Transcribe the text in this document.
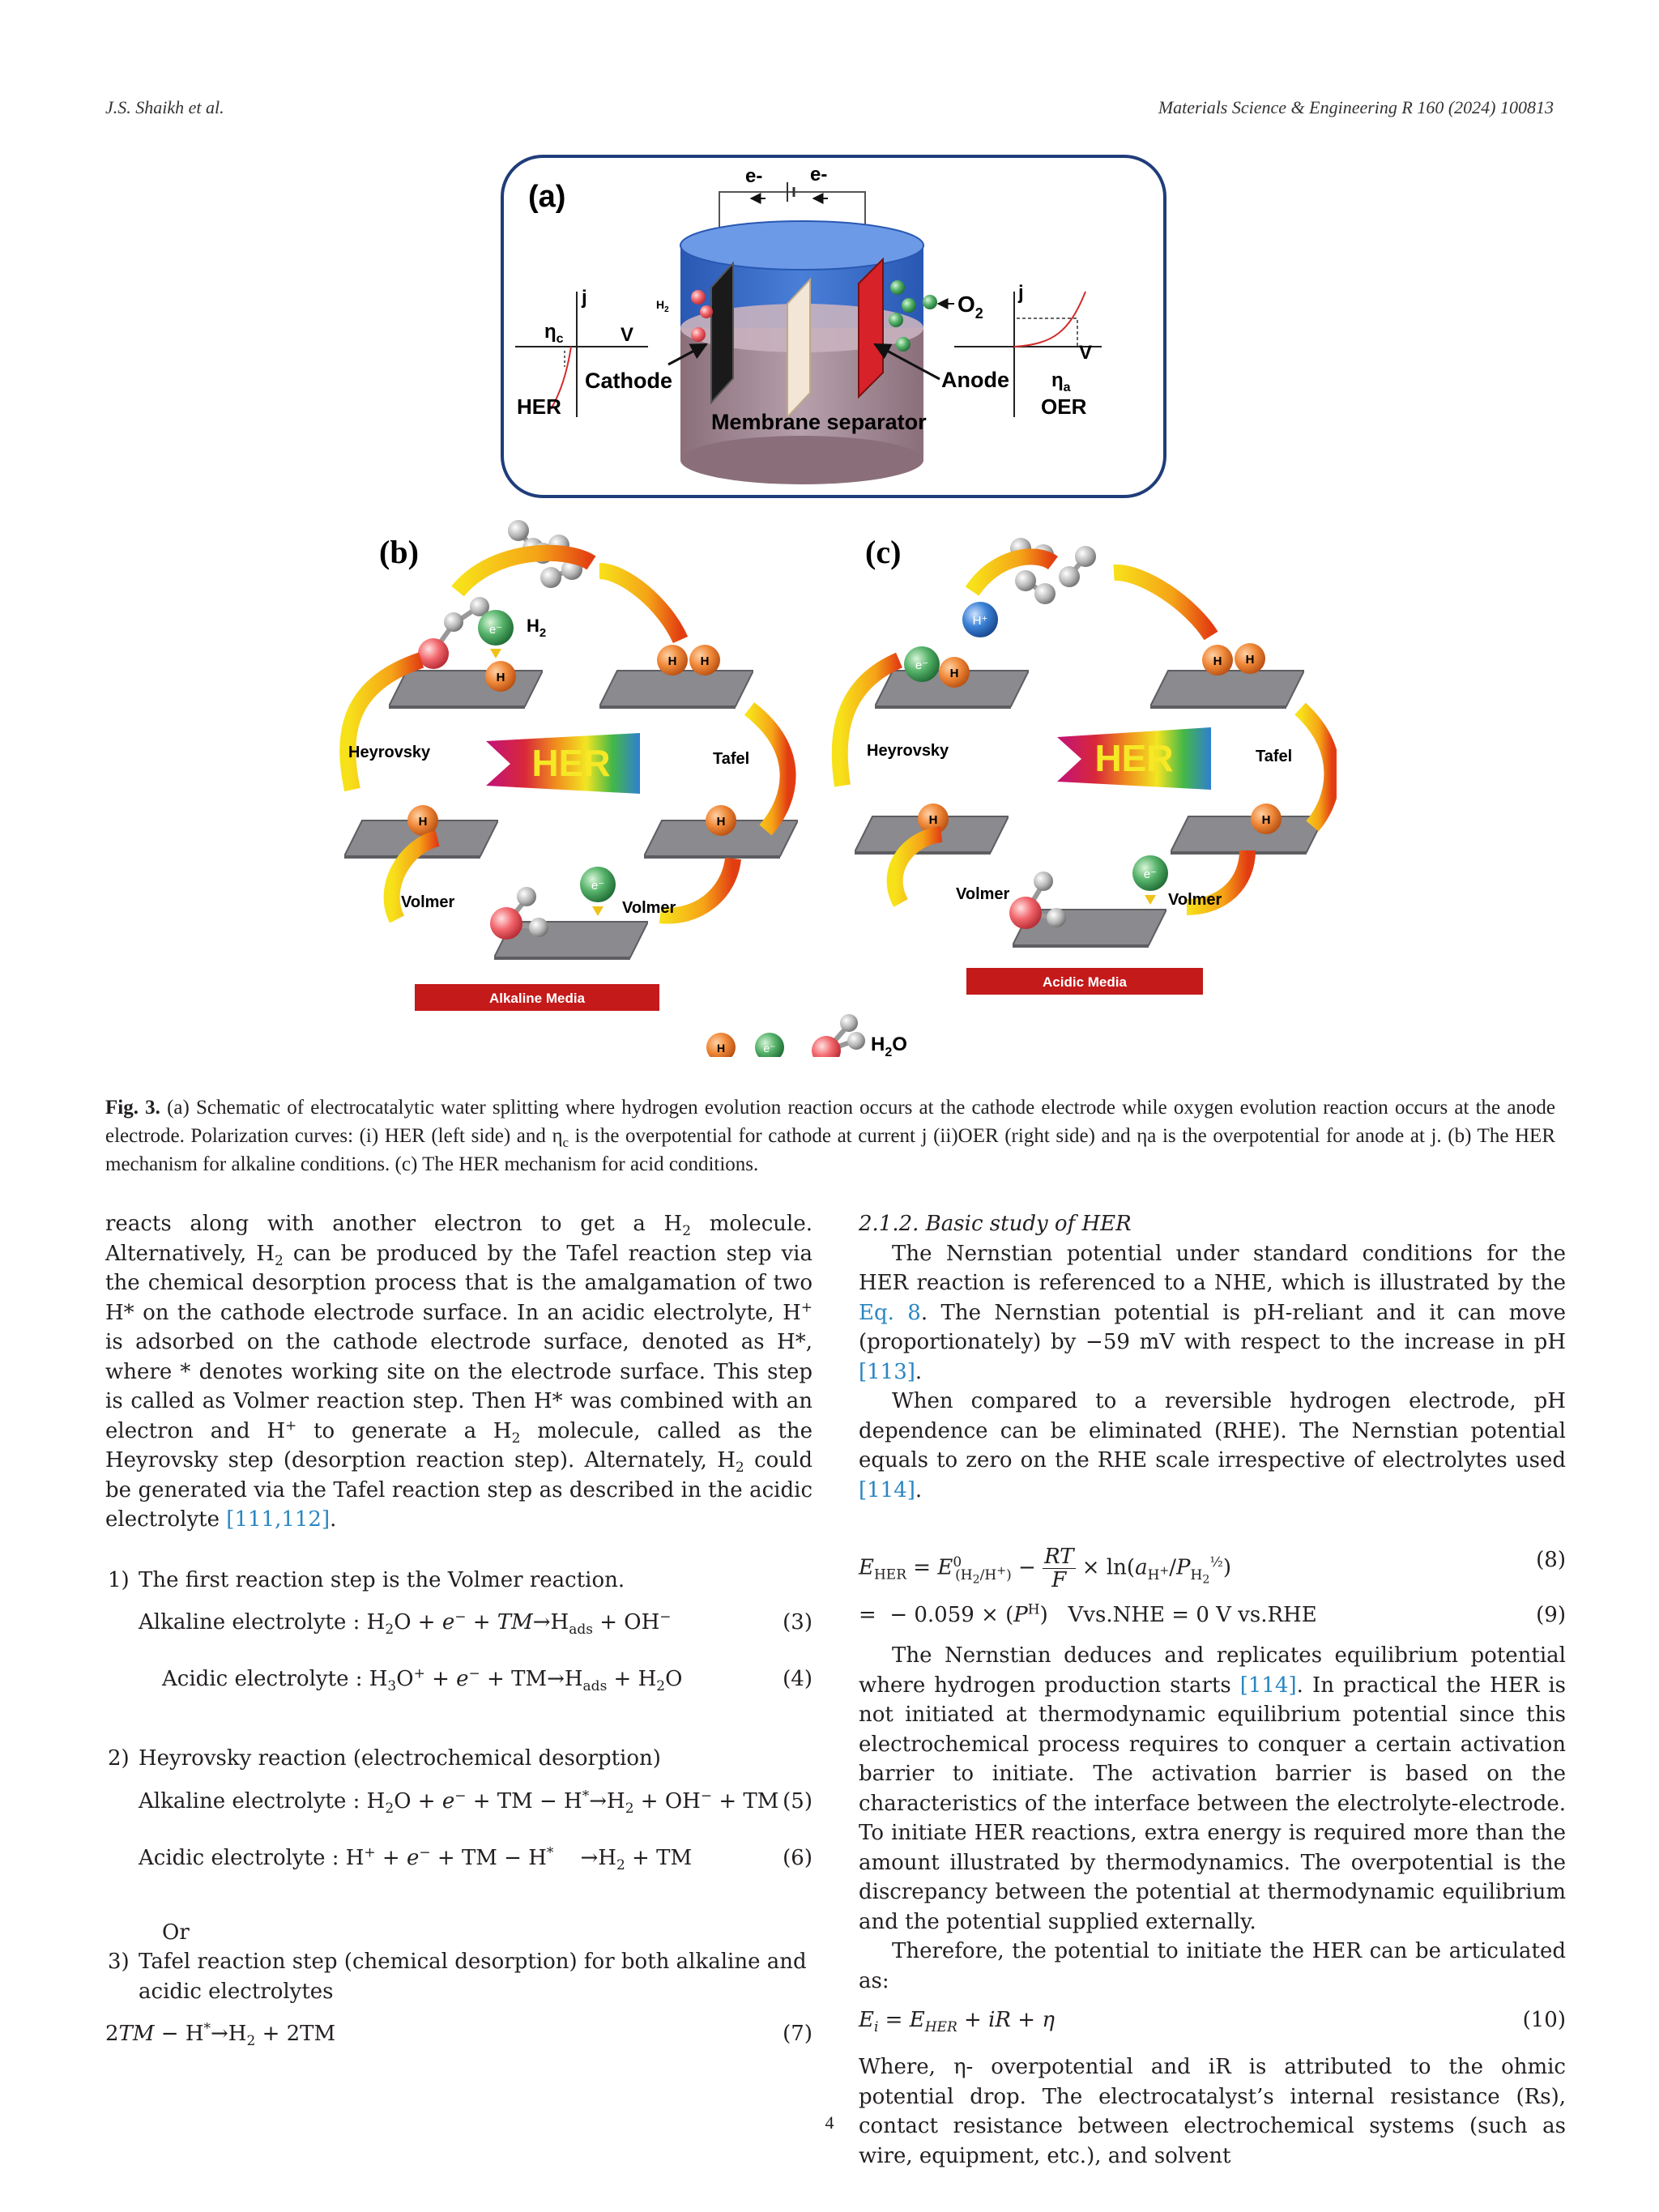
J.S. Shaikh et al.	Materials Science & Engineering R 160 (2024) 100813
(a)
e- e-
$H_2$	$O_2$
Cathode	Anode
Membrane separator
j
V
$\eta_c$
HER
j
V
$\eta_a$
OER
(b)
$H_2$
e⁻
H
H H
H	H
e⁻
HER
Heyrovsky	Tafel
Volmer	Volmer
Alkaline Media
(c)
H⁺
e⁻
H
H H
H	H
e⁻
HER
Heyrovsky	Tafel
Volmer	Volmer
Acidic Media
H	e⁻	$H_2O$
Fig. 3. (a) Schematic of electrocatalytic water splitting where hydrogen evolution reaction occurs at the cathode electrode while oxygen evolution reaction occurs at the anode electrode. Polarization curves: (i) HER (left side) and $\eta_c$ is the overpotential for cathode at current j (ii)OER (right side) and ηa is the overpotential for anode at j. (b) The HER mechanism for alkaline conditions. (c) The HER mechanism for acid conditions.

reacts along with another electron to get a $H_2$ molecule. Alternatively, $H_2$ can be produced by the Tafel reaction step via the chemical desorption process that is the amalgamation of two H* on the cathode electrode surface. In an acidic electrolyte, H+ is adsorbed on the cathode electrode surface, denoted as H*, where * denotes working site on the electrode surface. This step is called as Volmer reaction step. Then H* was combined with an electron and H+ to generate a $H_2$ molecule, called as the Heyrovsky step (desorption reaction step). Alternately, $H_2$ could be generated via the Tafel reaction step as described in the acidic electrolyte [111,112].

1) The first reaction step is the Volmer reaction.
Alkaline electrolyte : $H_2O + e^- + TM\to H_{ads} + OH^-$	(3)
Acidic electrolyte : $H_3O^+ + e^- + TM\to H_{ads} + H_2O$	(4)
2) Heyrovsky reaction (electrochemical desorption)
Alkaline electrolyte : $H_2O + e^-$ + TM − $H^*\to H_2 + OH^-$ + TM (5)
Acidic electrolyte : H+ + e− + TM − H*    $\to H_2$ + TM	(6)
Or
3) Tafel reaction step (chemical desorption) for both alkaline and acidic electrolytes
$2TM - H^*\to H_2 + 2TM$	(7)
2.1.2. Basic study of HER

The Nernstian potential under standard conditions for the HER reaction is referenced to a NHE, which is illustrated by the Eq. 8. The Nernstian potential is pH-reliant and it can move (proportionately) by −59 mV with respect to the increase in pH [113].

When compared to a reversible hydrogen electrode, pH dependence can be eliminated (RHE). The Nernstian potential equals to zero on the RHE scale irrespective of electrolytes used [114].

$E_{HER} = E^0_{(H_2/H^+)} - \frac{RT}{F} \times \ln(a_{H^+}/P_{H_2}^{\frac{1}{2}})$	(8)
=  − $0.059 \times (P^H) Vvs.NHE = 0$ V vs.RHE	(9)

The Nernstian deduces and replicates equilibrium potential where hydrogen production starts [114]. In practical the HER is not initiated at thermodynamic equilibrium potential since this electrochemical process requires to conquer a certain activation barrier to initiate. The activation barrier is based on the characteristics of the interface between the electrolyte-electrode. To initiate HER reactions, extra energy is required more than the amount illustrated by thermodynamics. The overpotential is the discrepancy between the potential at thermodynamic equilibrium and the potential supplied externally.

Therefore, the potential to initiate the HER can be articulated as:

$E_i = E_{HER}$ + iR + η	(10)

Where, η- overpotential and iR is attributed to the ohmic potential drop. The electrocatalyst’s internal resistance (Rs), contact resistance between electrochemical systems (such as wire, equipment, etc.), and solvent

4
